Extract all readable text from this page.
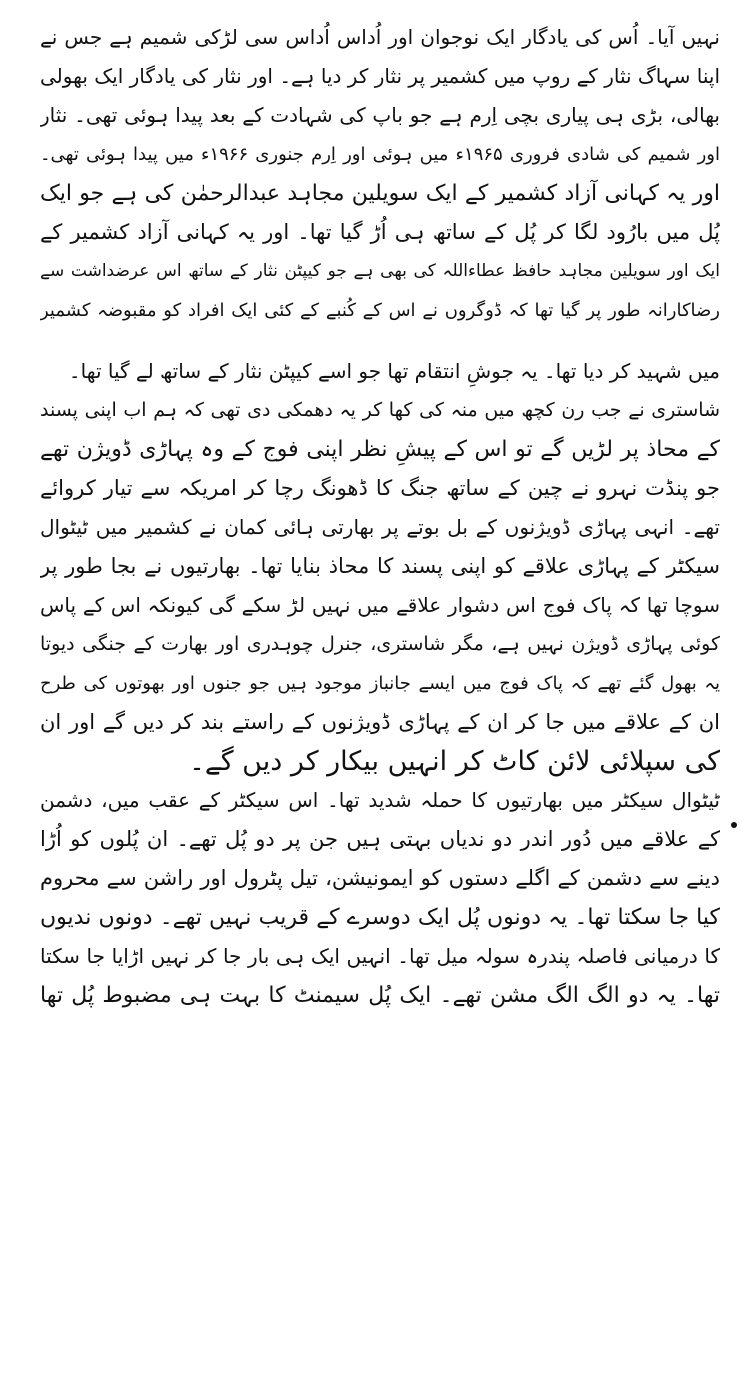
نہیں آیا۔ اُس کی یادگار ایک نوجوان اور اُداس اُداس سی لڑکی شمیم ہے جس نے
اپنا سہاگ نثار کے روپ میں کشمیر پر نثار کر دیا ہے۔ اور نثار کی یادگار ایک بھولی
بھالی، بڑی ہی پیاری بچی اِرم ہے جو باپ کی شہادت کے بعد پیدا ہوئی تھی۔ نثار
اور شمیم کی شادی فروری ۱۹۶۵ء میں ہوئی اور اِرم جنوری ۱۹۶۶ء میں پیدا ہوئی تھی۔
اور یہ کہانی آزاد کشمیر کے ایک سویلین مجاہد عبدالرحمٰن کی ہے جو ایک
پُل میں بارُود لگا کر پُل کے ساتھ ہی اُڑ گیا تھا۔ اور یہ کہانی آزاد کشمیر کے
ایک اور سویلین مجاہد حافظ عطاءاللہ کی بھی ہے جو کیپٹن نثار کے ساتھ اس عرضداشت سے
رضاکارانہ طور پر گیا تھا کہ ڈوگروں نے اس کے کُنبے کے کئی ایک افراد کو مقبوضہ کشمیر
میں شہید کر دیا تھا۔ یہ جوشِ انتقام تھا جو اسے کیپٹن نثار کے ساتھ لے گیا تھا۔
شاستری نے جب رن کچھ میں منہ کی کھا کر یہ دھمکی دی تھی کہ ہم اب اپنی پسند
کے محاذ پر لڑیں گے تو اس کے پیشِ نظر اپنی فوج کے وہ پہاڑی ڈویژن تھے
جو پنڈت نہرو نے چین کے ساتھ جنگ کا ڈھونگ رچا کر امریکہ سے تیار کروائے
تھے۔ انہی پہاڑی ڈویژنوں کے بل بوتے پر بھارتی ہائی کمان نے کشمیر میں ٹیٹوال
سیکٹر کے پہاڑی علاقے کو اپنی پسند کا محاذ بنایا تھا۔ بھارتیوں نے بجا طور پر
سوچا تھا کہ پاک فوج اس دشوار علاقے میں نہیں لڑ سکے گی کیونکہ اس کے پاس
کوئی پہاڑی ڈویژن نہیں ہے، مگر شاستری، جنرل چوہدری اور بھارت کے جنگی دیوتا
یہ بھول گئے تھے کہ پاک فوج میں ایسے جانباز موجود ہیں جو جنوں اور بھوتوں کی طرح
ان کے علاقے میں جا کر ان کے پہاڑی ڈویژنوں کے راستے بند کر دیں گے اور ان
کی سپلائی لائن کاٹ کر انہیں بیکار کر دیں گے۔
ٹیٹوال سیکٹر میں بھارتیوں کا حملہ شدید تھا۔ اس سیکٹر کے عقب میں، دشمن
کے علاقے میں دُور اندر دو ندیاں بہتی ہیں جن پر دو پُل تھے۔ ان پُلوں کو اُڑا
دینے سے دشمن کے اگلے دستوں کو ایمونیشن، تیل پٹرول اور راشن سے محروم
کیا جا سکتا تھا۔ یہ دونوں پُل ایک دوسرے کے قریب نہیں تھے۔ دونوں ندیوں
کا درمیانی فاصلہ پندرہ سولہ میل تھا۔ انہیں ایک ہی بار جا کر نہیں اڑایا جا سکتا
تھا۔ یہ دو الگ الگ مشن تھے۔ ایک پُل سیمنٹ کا بہت ہی مضبوط پُل تھا
